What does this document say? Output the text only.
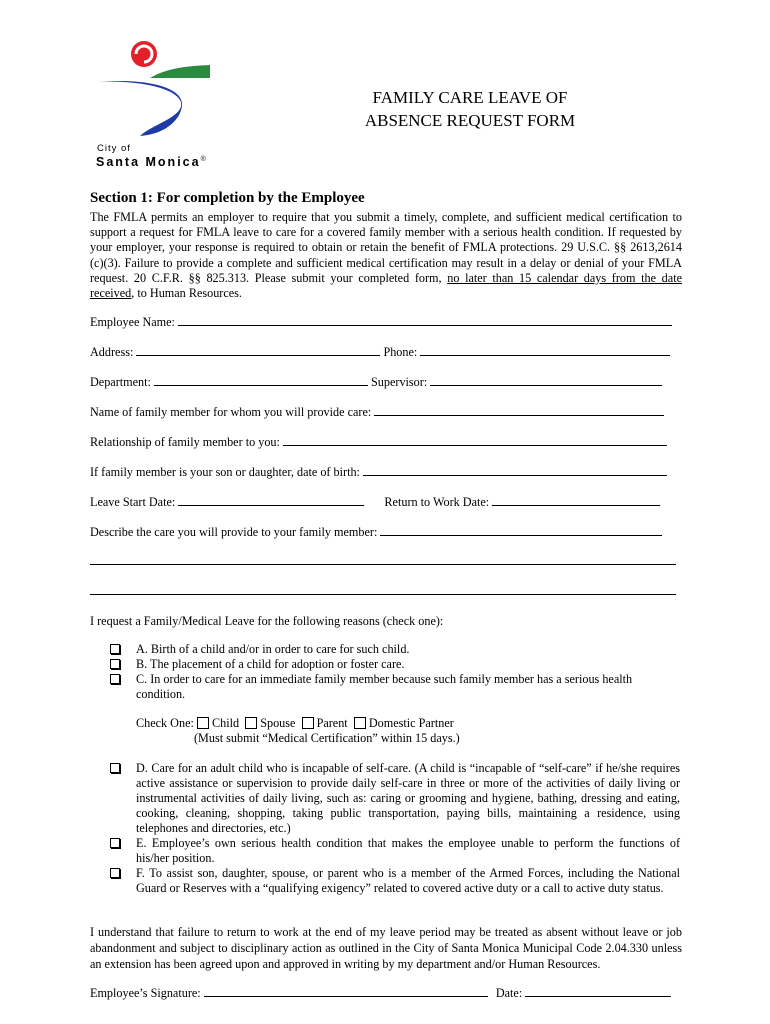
City of
Santa Monica®
FAMILY CARE LEAVE OF
ABSENCE REQUEST FORM
Section 1: For completion by the Employee
The FMLA permits an employer to require that you submit a timely, complete, and sufficient medical certification to support a request for FMLA leave to care for a covered family member with a serious health condition. If requested by your employer, your response is required to obtain or retain the benefit of FMLA protections. 29 U.S.C. §§ 2613,2614 (c)(3). Failure to provide a complete and sufficient medical certification may result in a delay or denial of your FMLA request. 20 C.F.R. §§ 825.313. Please submit your completed form, no later than 15 calendar days from the date received, to Human Resources.
Employee Name:
Address:	Phone:
Department:	Supervisor:
Name of family member for whom you will provide care:
Relationship of family member to you:
If family member is your son or daughter, date of birth:
Leave Start Date:	Return to Work Date:
Describe the care you will provide to your family member:
I request a Family/Medical Leave for the following reasons (check one):
A. Birth of a child and/or in order to care for such child.
B. The placement of a child for adoption or foster care.
C. In order to care for an immediate family member because such family member has a serious health condition.
Check One: Child Spouse Parent Domestic Partner
(Must submit “Medical Certification” within 15 days.)
D. Care for an adult child who is incapable of self-care. (A child is “incapable of “self-care” if he/she requires active assistance or supervision to provide daily self-care in three or more of the activities of daily living or instrumental activities of daily living, such as: caring or grooming and hygiene, bathing, dressing and eating, cooking, cleaning, shopping, taking public transportation, paying bills, maintaining a residence, using telephones and directories, etc.)
E. Employee’s own serious health condition that makes the employee unable to perform the functions of his/her position.
F. To assist son, daughter, spouse, or parent who is a member of the Armed Forces, including the National Guard or Reserves with a “qualifying exigency” related to covered active duty or a call to active duty status.
I understand that failure to return to work at the end of my leave period may be treated as absent without leave or job abandonment and subject to disciplinary action as outlined in the City of Santa Monica Municipal Code 2.04.330 unless an extension has been agreed upon and approved in writing by my department and/or Human Resources.
Employee’s Signature:	Date:
